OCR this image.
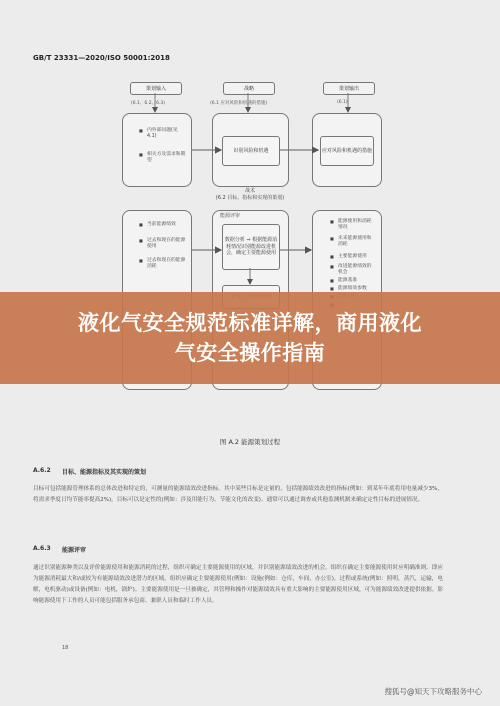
GB/T 23331—2020/ISO 50001:2018
策划输入
(6.1、6.2、6.3)
战略
(6.1 应对风险和机遇的措施)
策划输出
(6.1)
■ 内外部问题(见4.1)
■ 相关方及需求和期望
识别风险和机遇	应对风险和机遇的措施
战术
(6.2 目标、指标和实现的策划)
■ 当前能源绩效
■ 过去和现在的能源使用
■ 过去和现在的能源消耗
能源评审
数据分析 ⇒ 根据能源消耗情况识别能源改进机会，确定主要能源使用
■ 能源使用和消耗情况
■ 未来能源使用和消耗
■ 主要能源使用
■ 改进能源绩效的机会
■ 能源基准
■ 能源绩效参数
■
■
图 A.2 能源策划过程
A.6.2 目标、能源指标及其实现的策划
目标可包括能源管理体系的总体改进和特定的，可测量的能源绩效改进指标。其中某些目标是定量的，包括能源绩效改进的指标(例如：到某年年底将用电量减少3%，将需求季度日均节能率提高2%)，目标可以是定性的(例如：涉及用能行为、节能文化的改变)。通常可以通过调查或其他监测机制来确定定性目标的进展情况。
A.6.3 能源评审
通过识别能源种类以及评价能源使用和能源消耗的过程，组织可确定主要能源使用的区域，并识别能源绩效改进的机会。组织在确定主要能源使用时应明确准则。即应为能源消耗最大和/或较为有能源绩效改进潜力的区域。组织应确定主要能源使用(例如：设施(例如：仓库，车间，办公室)，过程或系统(例如：照明，蒸汽，运输，电解，电机驱动)或设备(例如：电机，锅炉)。主要能源使用是一旦被确定，其管理和操作对能源绩效具有重大影响的主要能源使用区域，可为能源绩效改进提供依据。影响能源使用下工作的人员可能包括服务承包商、兼职人员和临时工作人员。
18
液化气安全规范标准详解，商用液化
气安全操作指南
搜狐号@知天下攻略服务中心
